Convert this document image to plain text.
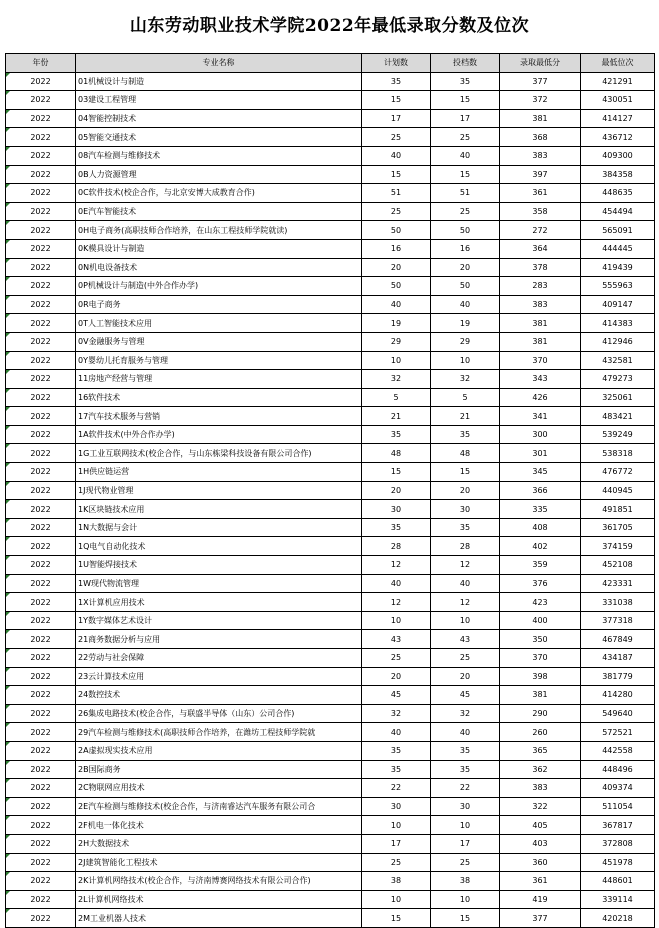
山东劳动职业技术学院2022年最低录取分数及位次
年份	专业名称	计划数	投档数	录取最低分	最低位次
2022	01机械设计与制造	35	35	377	421291
2022	03建设工程管理	15	15	372	430051
2022	04智能控制技术	17	17	381	414127
2022	05智能交通技术	25	25	368	436712
2022	08汽车检测与维修技术	40	40	383	409300
2022	0B人力资源管理	15	15	397	384358
2022	0C软件技术(校企合作，与北京安博大成教育合作)	51	51	361	448635
2022	0E汽车智能技术	25	25	358	454494
2022	0H电子商务(高职技师合作培养，在山东工程技师学院就读)	50	50	272	565091
2022	0K模具设计与制造	16	16	364	444445
2022	0N机电设备技术	20	20	378	419439
2022	0P机械设计与制造(中外合作办学)	50	50	283	555963
2022	0R电子商务	40	40	383	409147
2022	0T人工智能技术应用	19	19	381	414383
2022	0V金融服务与管理	29	29	381	412946
2022	0Y婴幼儿托育服务与管理	10	10	370	432581
2022	11房地产经营与管理	32	32	343	479273
2022	16软件技术	5	5	426	325061
2022	17汽车技术服务与营销	21	21	341	483421
2022	1A软件技术(中外合作办学)	35	35	300	539249
2022	1G工业互联网技术(校企合作，与山东栋梁科技设备有限公司合作)	48	48	301	538318
2022	1H供应链运营	15	15	345	476772
2022	1J现代物业管理	20	20	366	440945
2022	1K区块链技术应用	30	30	335	491851
2022	1N大数据与会计	35	35	408	361705
2022	1Q电气自动化技术	28	28	402	374159
2022	1U智能焊接技术	12	12	359	452108
2022	1W现代物流管理	40	40	376	423331
2022	1X计算机应用技术	12	12	423	331038
2022	1Y数字媒体艺术设计	10	10	400	377318
2022	21商务数据分析与应用	43	43	350	467849
2022	22劳动与社会保障	25	25	370	434187
2022	23云计算技术应用	20	20	398	381779
2022	24数控技术	45	45	381	414280
2022	26集成电路技术(校企合作，与联盛半导体（山东）公司合作)	32	32	290	549640
2022	29汽车检测与维修技术(高职技师合作培养，在潍坊工程技师学院就	40	40	260	572521
2022	2A虚拟现实技术应用	35	35	365	442558
2022	2B国际商务	35	35	362	448496
2022	2C物联网应用技术	22	22	383	409374
2022	2E汽车检测与维修技术(校企合作，与济南睿达汽车服务有限公司合	30	30	322	511054
2022	2F机电一体化技术	10	10	405	367817
2022	2H大数据技术	17	17	403	372808
2022	2J建筑智能化工程技术	25	25	360	451978
2022	2K计算机网络技术(校企合作，与济南博赛网络技术有限公司合作)	38	38	361	448601
2022	2L计算机网络技术	10	10	419	339114
2022	2M工业机器人技术	15	15	377	420218
